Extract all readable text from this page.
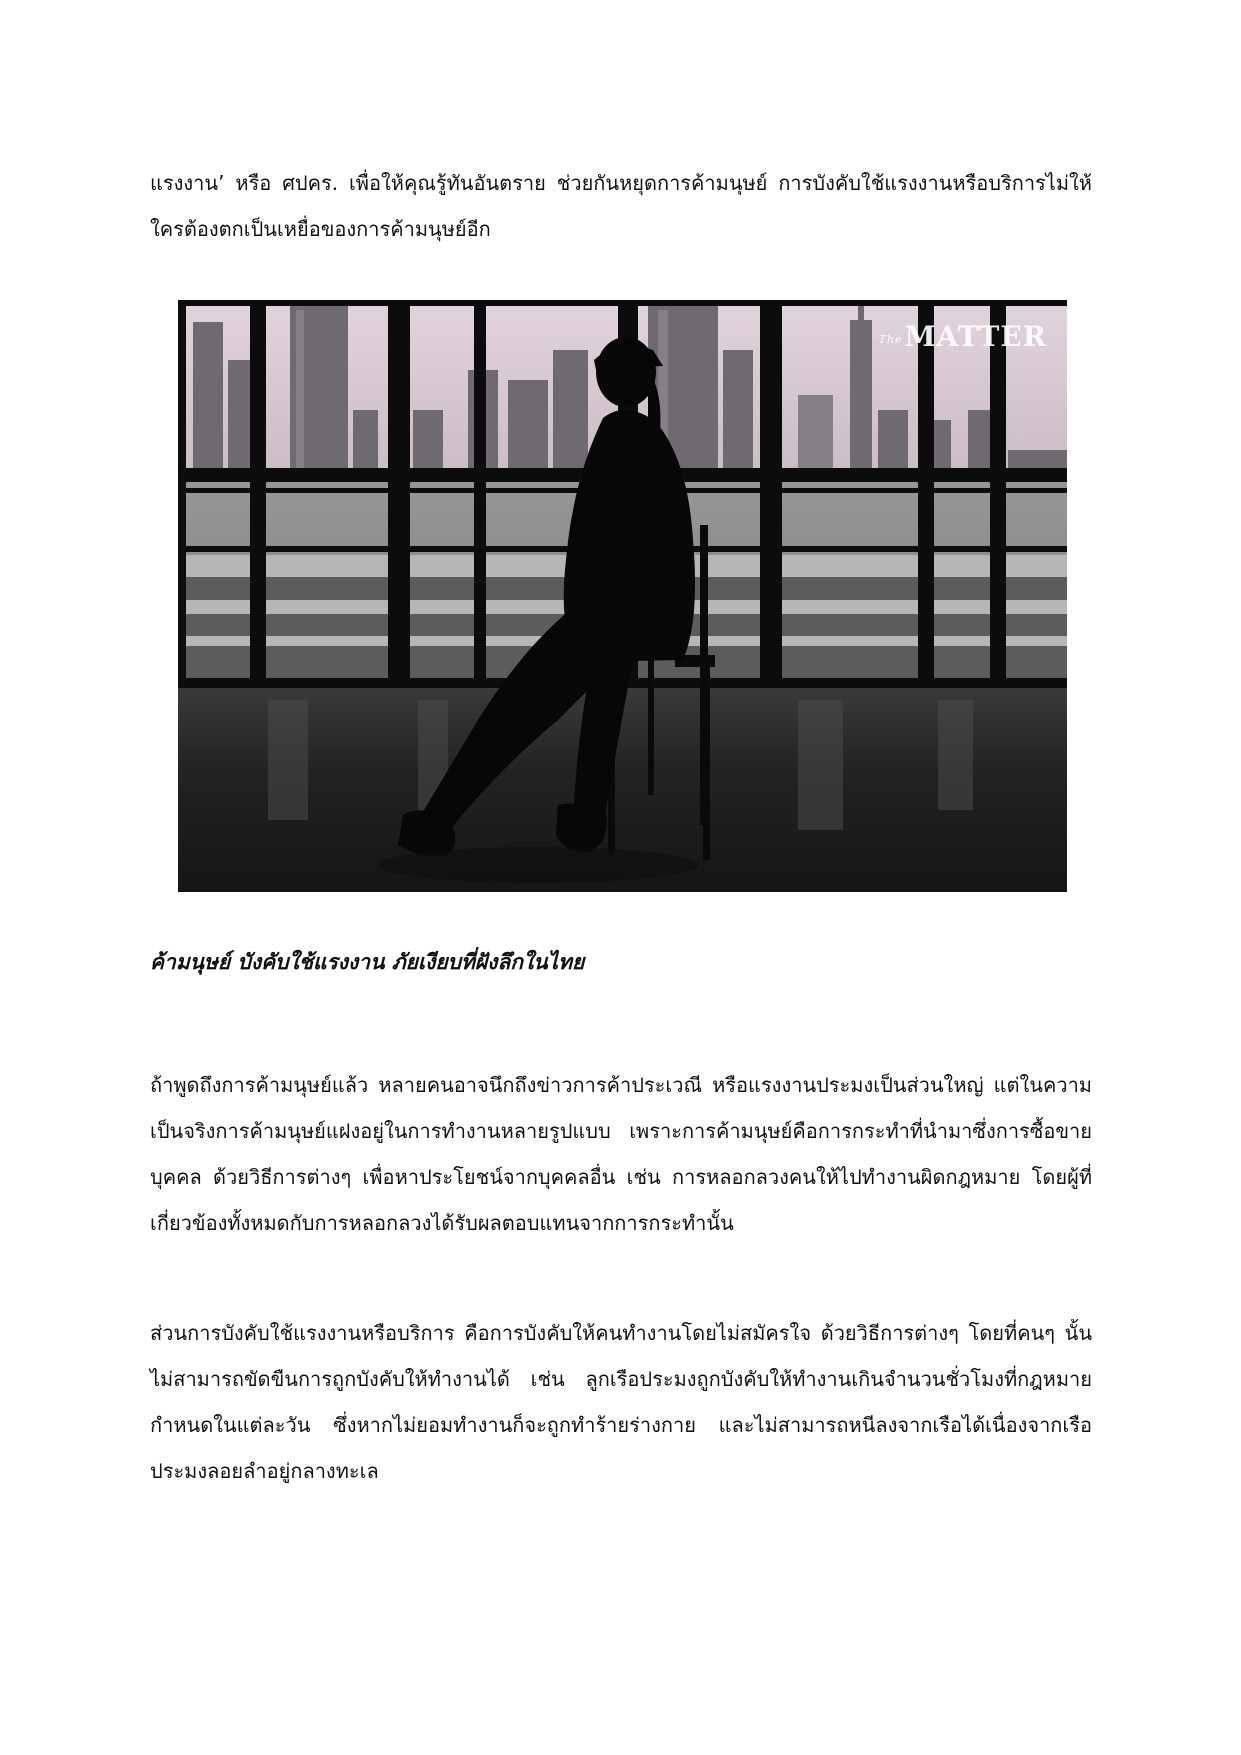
แรงงาน’ หรือ ศปคร. เพื่อให้คุณรู้ทันอันตราย ช่วยกันหยุดการค้ามนุษย์ การบังคับใช้แรงงานหรือบริการไม่ให้ใครต้องตกเป็นเหยื่อของการค้ามนุษย์อีก

TheMATTER
ค้ามนุษย์ บังคับใช้แรงงาน ภัยเงียบที่ฝังลึกในไทย

ถ้าพูดถึงการค้ามนุษย์แล้ว หลายคนอาจนึกถึงข่าวการค้าประเวณี หรือแรงงานประมงเป็นส่วนใหญ่ แต่ในความเป็นจริงการค้ามนุษย์แฝงอยู่ในการทำงานหลายรูปแบบ เพราะการค้ามนุษย์คือการกระทำที่นำมาซึ่งการซื้อขายบุคคล ด้วยวิธีการต่างๆ เพื่อหาประโยชน์จากบุคคลอื่น เช่น การหลอกลวงคนให้ไปทำงานผิดกฎหมาย โดยผู้ที่เกี่ยวข้องทั้งหมดกับการหลอกลวงได้รับผลตอบแทนจากการกระทำนั้น

ส่วนการบังคับใช้แรงงานหรือบริการ คือการบังคับให้คนทำงานโดยไม่สมัครใจ ด้วยวิธีการต่างๆ โดยที่คนๆ นั้นไม่สามารถขัดขืนการถูกบังคับให้ทำงานได้ เช่น ลูกเรือประมงถูกบังคับให้ทำงานเกินจำนวนชั่วโมงที่กฎหมายกำหนดในแต่ละวัน ซึ่งหากไม่ยอมทำงานก็จะถูกทำร้ายร่างกาย และไม่สามารถหนีลงจากเรือได้เนื่องจากเรือประมงลอยลำอยู่กลางทะเล
